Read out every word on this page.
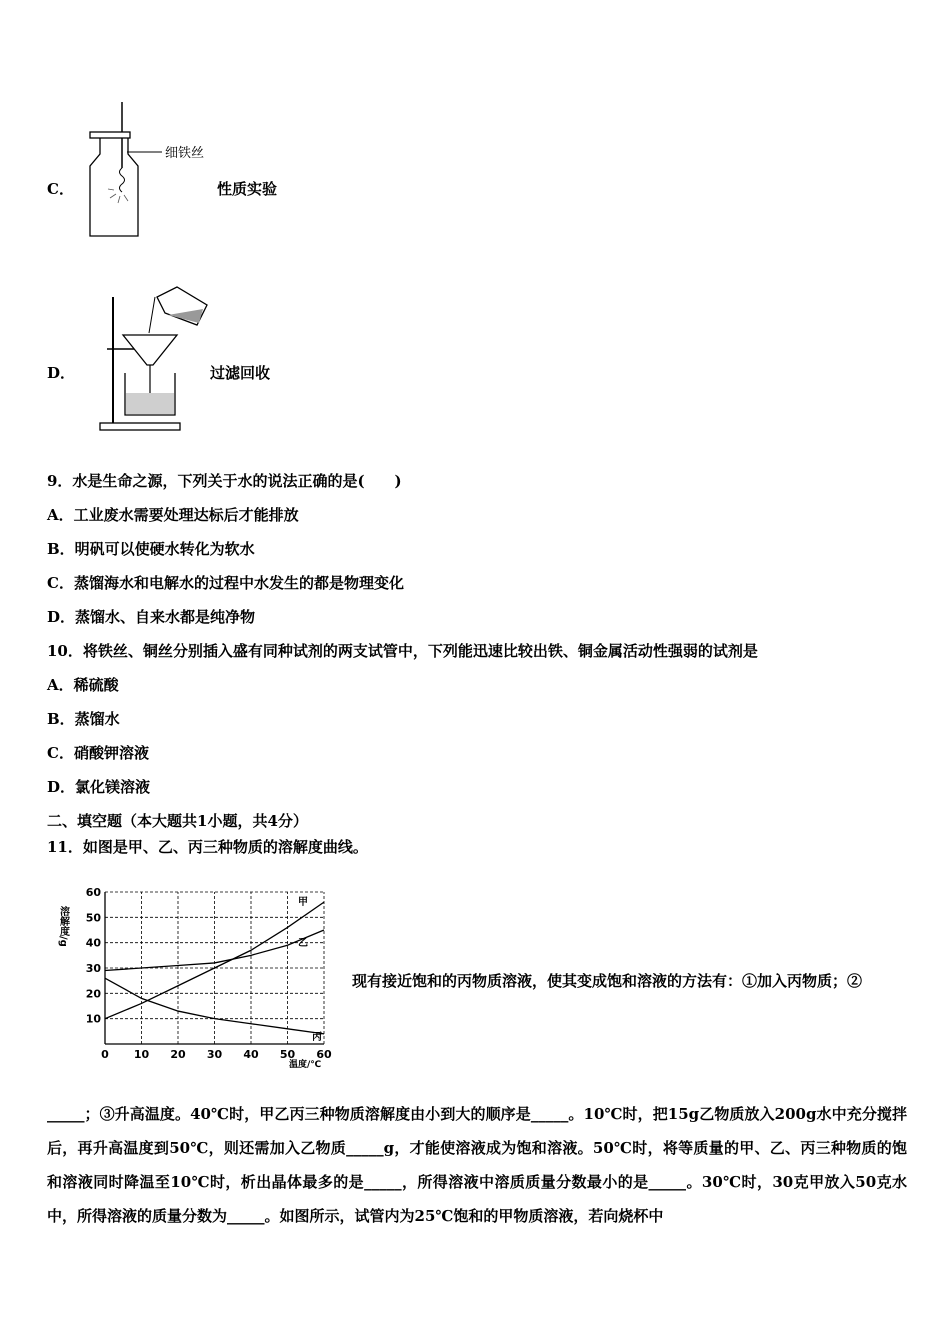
细铁丝
C．	性质实验
D．	过滤回收
9．水是生命之源，下列关于水的说法正确的是(　　)
A．工业废水需要处理达标后才能排放
B．明矾可以使硬水转化为软水
C．蒸馏海水和电解水的过程中水发生的都是物理变化
D．蒸馏水、自来水都是纯净物
10．将铁丝、铜丝分别插入盛有同种试剂的两支试管中，下列能迅速比较出铁、铜金属活动性强弱的试剂是
A．稀硫酸
B．蒸馏水
C．硝酸钾溶液
D．氯化镁溶液
二、填空题（本大题共1小题，共4分）
11．如图是甲、乙、丙三种物质的溶解度曲线。
0 10 20 30 40 50 60
10
20
30
40
50
60
甲
乙
丙
溶解度/g
温度/℃
现有接近饱和的丙物质溶液，使其变成饱和溶液的方法有：①加入丙物质；②
_____；③升高温度。40℃时，甲乙丙三种物质溶解度由小到大的顺序是_____。10℃时，把15g乙物质放入200g水中充分搅拌后，再升高温度到50℃，则还需加入乙物质_____g，才能使溶液成为饱和溶液。50℃时，将等质量的甲、乙、丙三种物质的饱和溶液同时降温至10℃时，析出晶体最多的是_____，所得溶液中溶质质量分数最小的是_____。30℃时，30克甲放入50克水中，所得溶液的质量分数为_____。如图所示，试管内为25℃饱和的甲物质溶液，若向烧杯中
